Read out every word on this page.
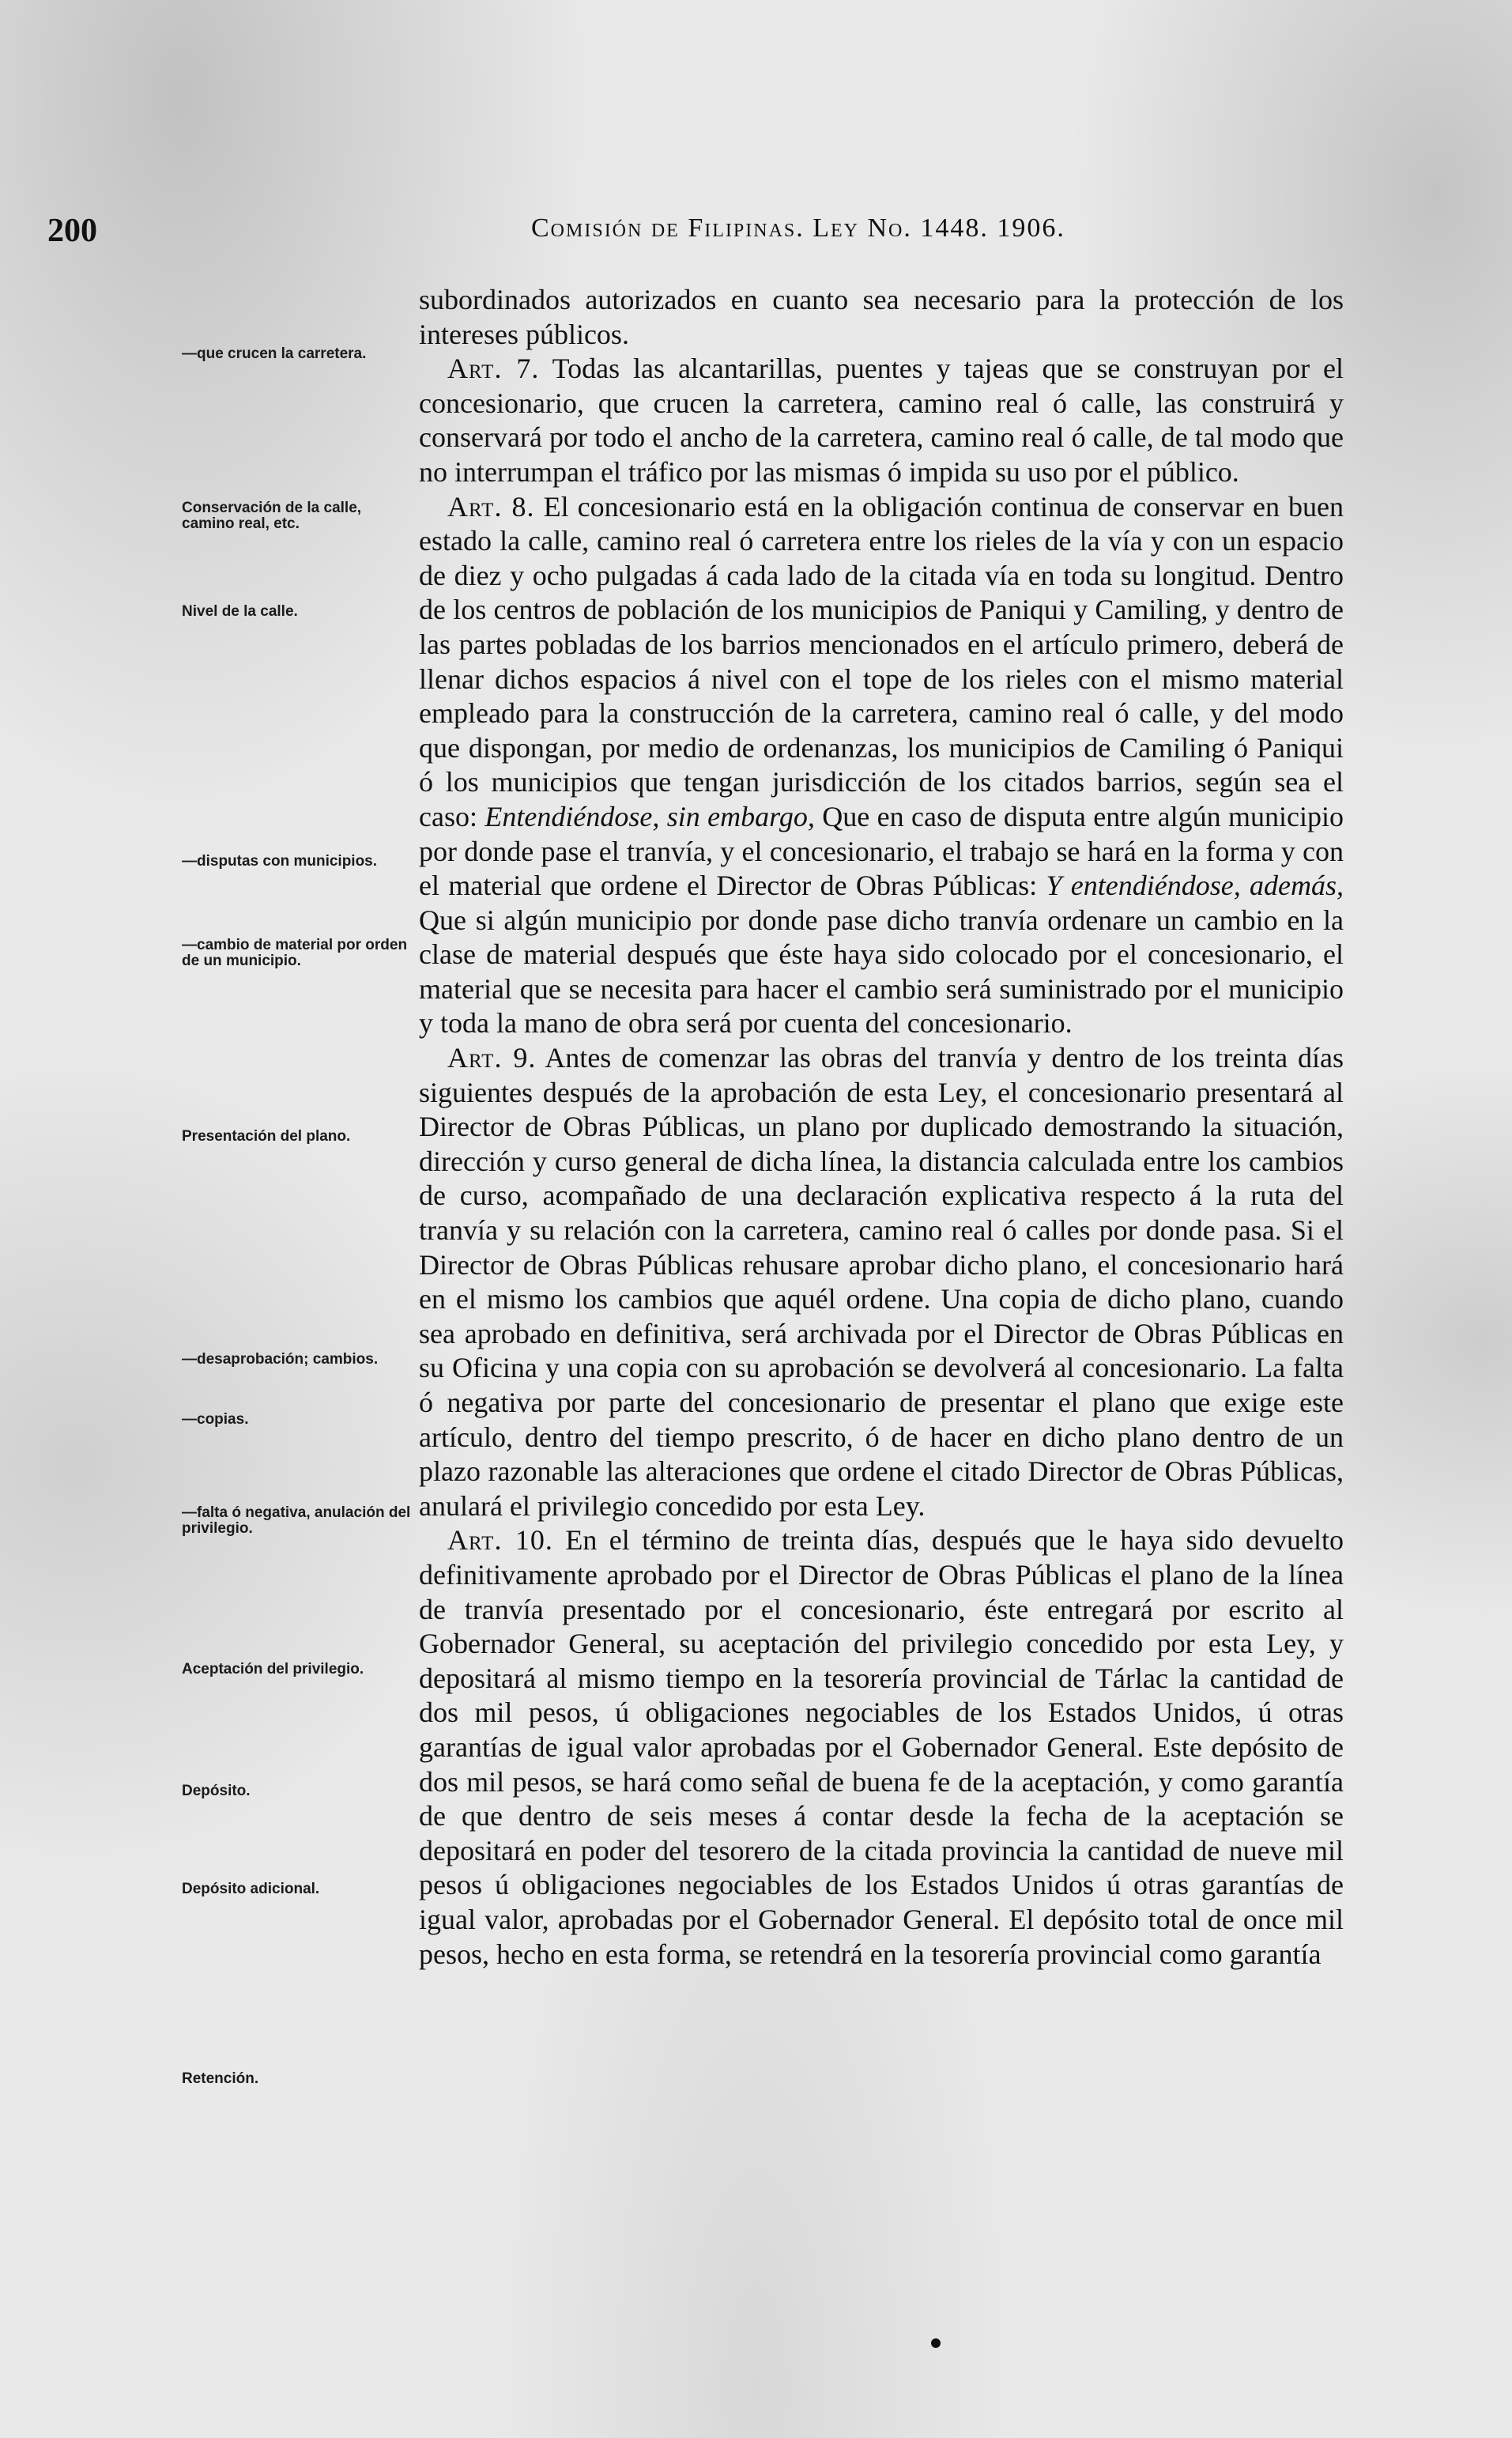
200	Comisión de Filipinas. Ley No. 1448. 1906.
—que crucen la carretera.
Conservación de la calle, camino real, etc.
Nivel de la calle.
—disputas con municipios.
—cambio de material por orden de un municipio.
Presentación del plano.
—desaprobación; cambios.
—copias.
—falta ó negativa, anulación del privilegio.
Aceptación del privilegio.
Depósito.
Depósito adicional.
Retención.

subordinados autorizados en cuanto sea necesario para la protección de los intereses públicos.

Art. 7. Todas las alcantarillas, puentes y tajeas que se construyan por el concesionario, que crucen la carretera, camino real ó calle, las construirá y conservará por todo el ancho de la carretera, camino real ó calle, de tal modo que no interrumpan el tráfico por las mismas ó impida su uso por el público.

Art. 8. El concesionario está en la obligación continua de conservar en buen estado la calle, camino real ó carretera entre los rieles de la vía y con un espacio de diez y ocho pulgadas á cada lado de la citada vía en toda su longitud. Dentro de los centros de población de los municipios de Paniqui y Camiling, y dentro de las partes pobladas de los barrios mencionados en el artículo primero, deberá de llenar dichos espacios á nivel con el tope de los rieles con el mismo material empleado para la construcción de la carretera, camino real ó calle, y del modo que dispongan, por medio de ordenanzas, los municipios de Camiling ó Paniqui ó los municipios que tengan jurisdicción de los citados barrios, según sea el caso: Entendiéndose, sin embargo, Que en caso de disputa entre algún municipio por donde pase el tranvía, y el concesionario, el trabajo se hará en la forma y con el material que ordene el Director de Obras Públicas: Y entendiéndose, además, Que si algún municipio por donde pase dicho tranvía ordenare un cambio en la clase de material después que éste haya sido colocado por el concesionario, el material que se necesita para hacer el cambio será suministrado por el municipio y toda la mano de obra será por cuenta del concesionario.

Art. 9. Antes de comenzar las obras del tranvía y dentro de los treinta días siguientes después de la aprobación de esta Ley, el concesionario presentará al Director de Obras Públicas, un plano por duplicado demostrando la situación, dirección y curso general de dicha línea, la distancia calculada entre los cambios de curso, acompañado de una declaración explicativa respecto á la ruta del tranvía y su relación con la carretera, camino real ó calles por donde pasa. Si el Director de Obras Públicas rehusare aprobar dicho plano, el concesionario hará en el mismo los cambios que aquél ordene. Una copia de dicho plano, cuando sea aprobado en definitiva, será archivada por el Director de Obras Públicas en su Oficina y una copia con su aprobación se devolverá al concesionario. La falta ó negativa por parte del concesionario de presentar el plano que exige este artículo, dentro del tiempo prescrito, ó de hacer en dicho plano dentro de un plazo razonable las alteraciones que ordene el citado Director de Obras Públicas, anulará el privilegio concedido por esta Ley.

Art. 10. En el término de treinta días, después que le haya sido devuelto definitivamente aprobado por el Director de Obras Públicas el plano de la línea de tranvía presentado por el concesionario, éste entregará por escrito al Gobernador General, su aceptación del privilegio concedido por esta Ley, y depositará al mismo tiempo en la tesorería provincial de Tárlac la cantidad de dos mil pesos, ú obligaciones negociables de los Estados Unidos, ú otras garantías de igual valor aprobadas por el Gobernador General. Este depósito de dos mil pesos, se hará como señal de buena fe de la aceptación, y como garantía de que dentro de seis meses á contar desde la fecha de la aceptación se depositará en poder del tesorero de la citada provincia la cantidad de nueve mil pesos ú obligaciones negociables de los Estados Unidos ú otras garantías de igual valor, aprobadas por el Gobernador General. El depósito total de once mil pesos, hecho en esta forma, se retendrá en la tesorería provincial como garantía
